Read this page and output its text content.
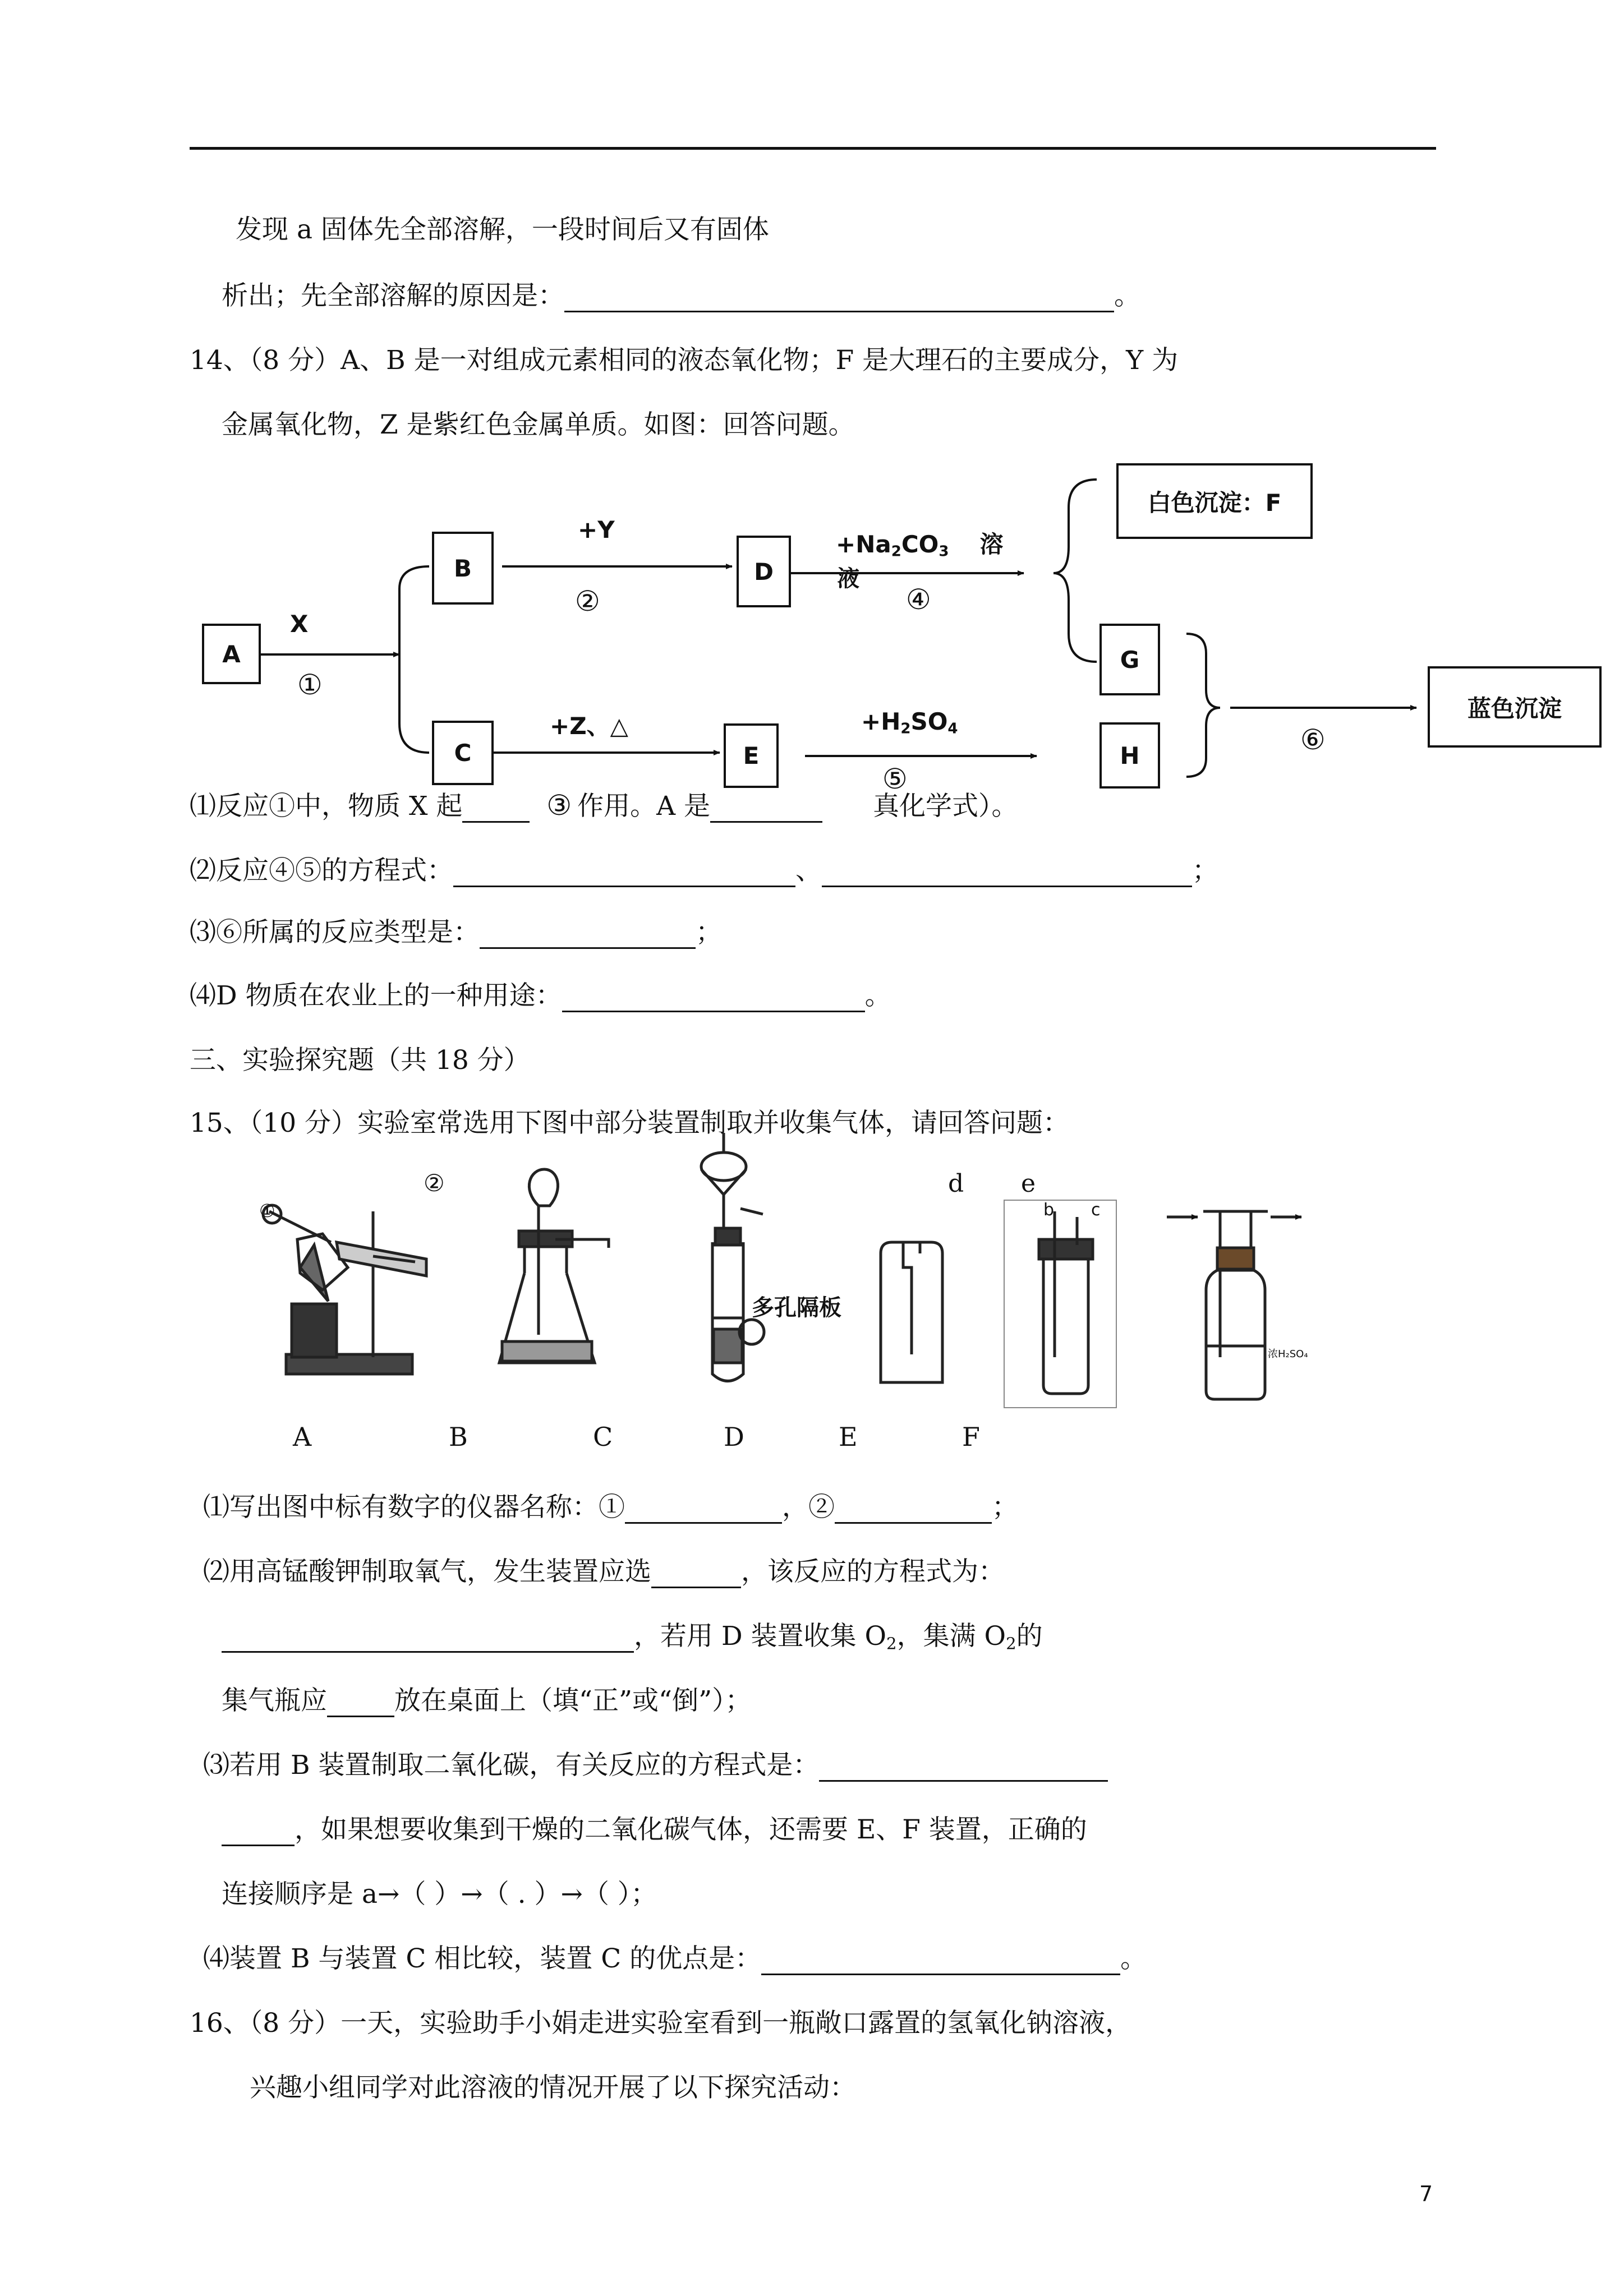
发现 a 固体先全部溶解，一段时间后又有固体
析出；先全部溶解的原因是：	。
14、（8 分）A、B 是一对组成元素相同的液态氧化物；F 是大理石的主要成分，Y 为
金属氧化物，Z 是紫红色金属单质。如图：回答问题。
A
B
C
D
E
白色沉淀：F
G
H
蓝色沉淀
X
①
+Y
②
$+Na_2CO_3$ 溶
液
④
+Z、△	$+H_2SO_4$
⑤
⑥
⑴反应①中，物质 X 起	③ 作用。A 是	真化学式）。
⑵反应④⑤的方程式：	、	；
⑶⑥所属的反应类型是：	；
⑷D 物质在农业上的一种用途：	。
三、实验探究题（共 18 分）
15、（10 分）实验室常选用下图中部分装置制取并收集气体，请回答问题：
②	d e
b c
①
多孔隔板
浓H₂SO₄
A	B	C	D	E	F
⑴写出图中标有数字的仪器名称：①	，②	；
⑵用高锰酸钾制取氧气，发生装置应选	，该反应的方程式为：
，若用 D 装置收集 $O_2$，集满 $O_2$的
集气瓶应	放在桌面上（填“正”或“倒”）；
⑶若用 B 装置制取二氧化碳，有关反应的方程式是：
，如果想要收集到干燥的二氧化碳气体，还需要 E、F 装置，正确的
连接顺序是 a→（ ）→（ . ）→（ ）；
⑷装置 B 与装置 C 相比较，装置 C 的优点是：	。
16、（8 分）一天，实验助手小娟走进实验室看到一瓶敞口露置的氢氧化钠溶液，
兴趣小组同学对此溶液的情况开展了以下探究活动：
7
